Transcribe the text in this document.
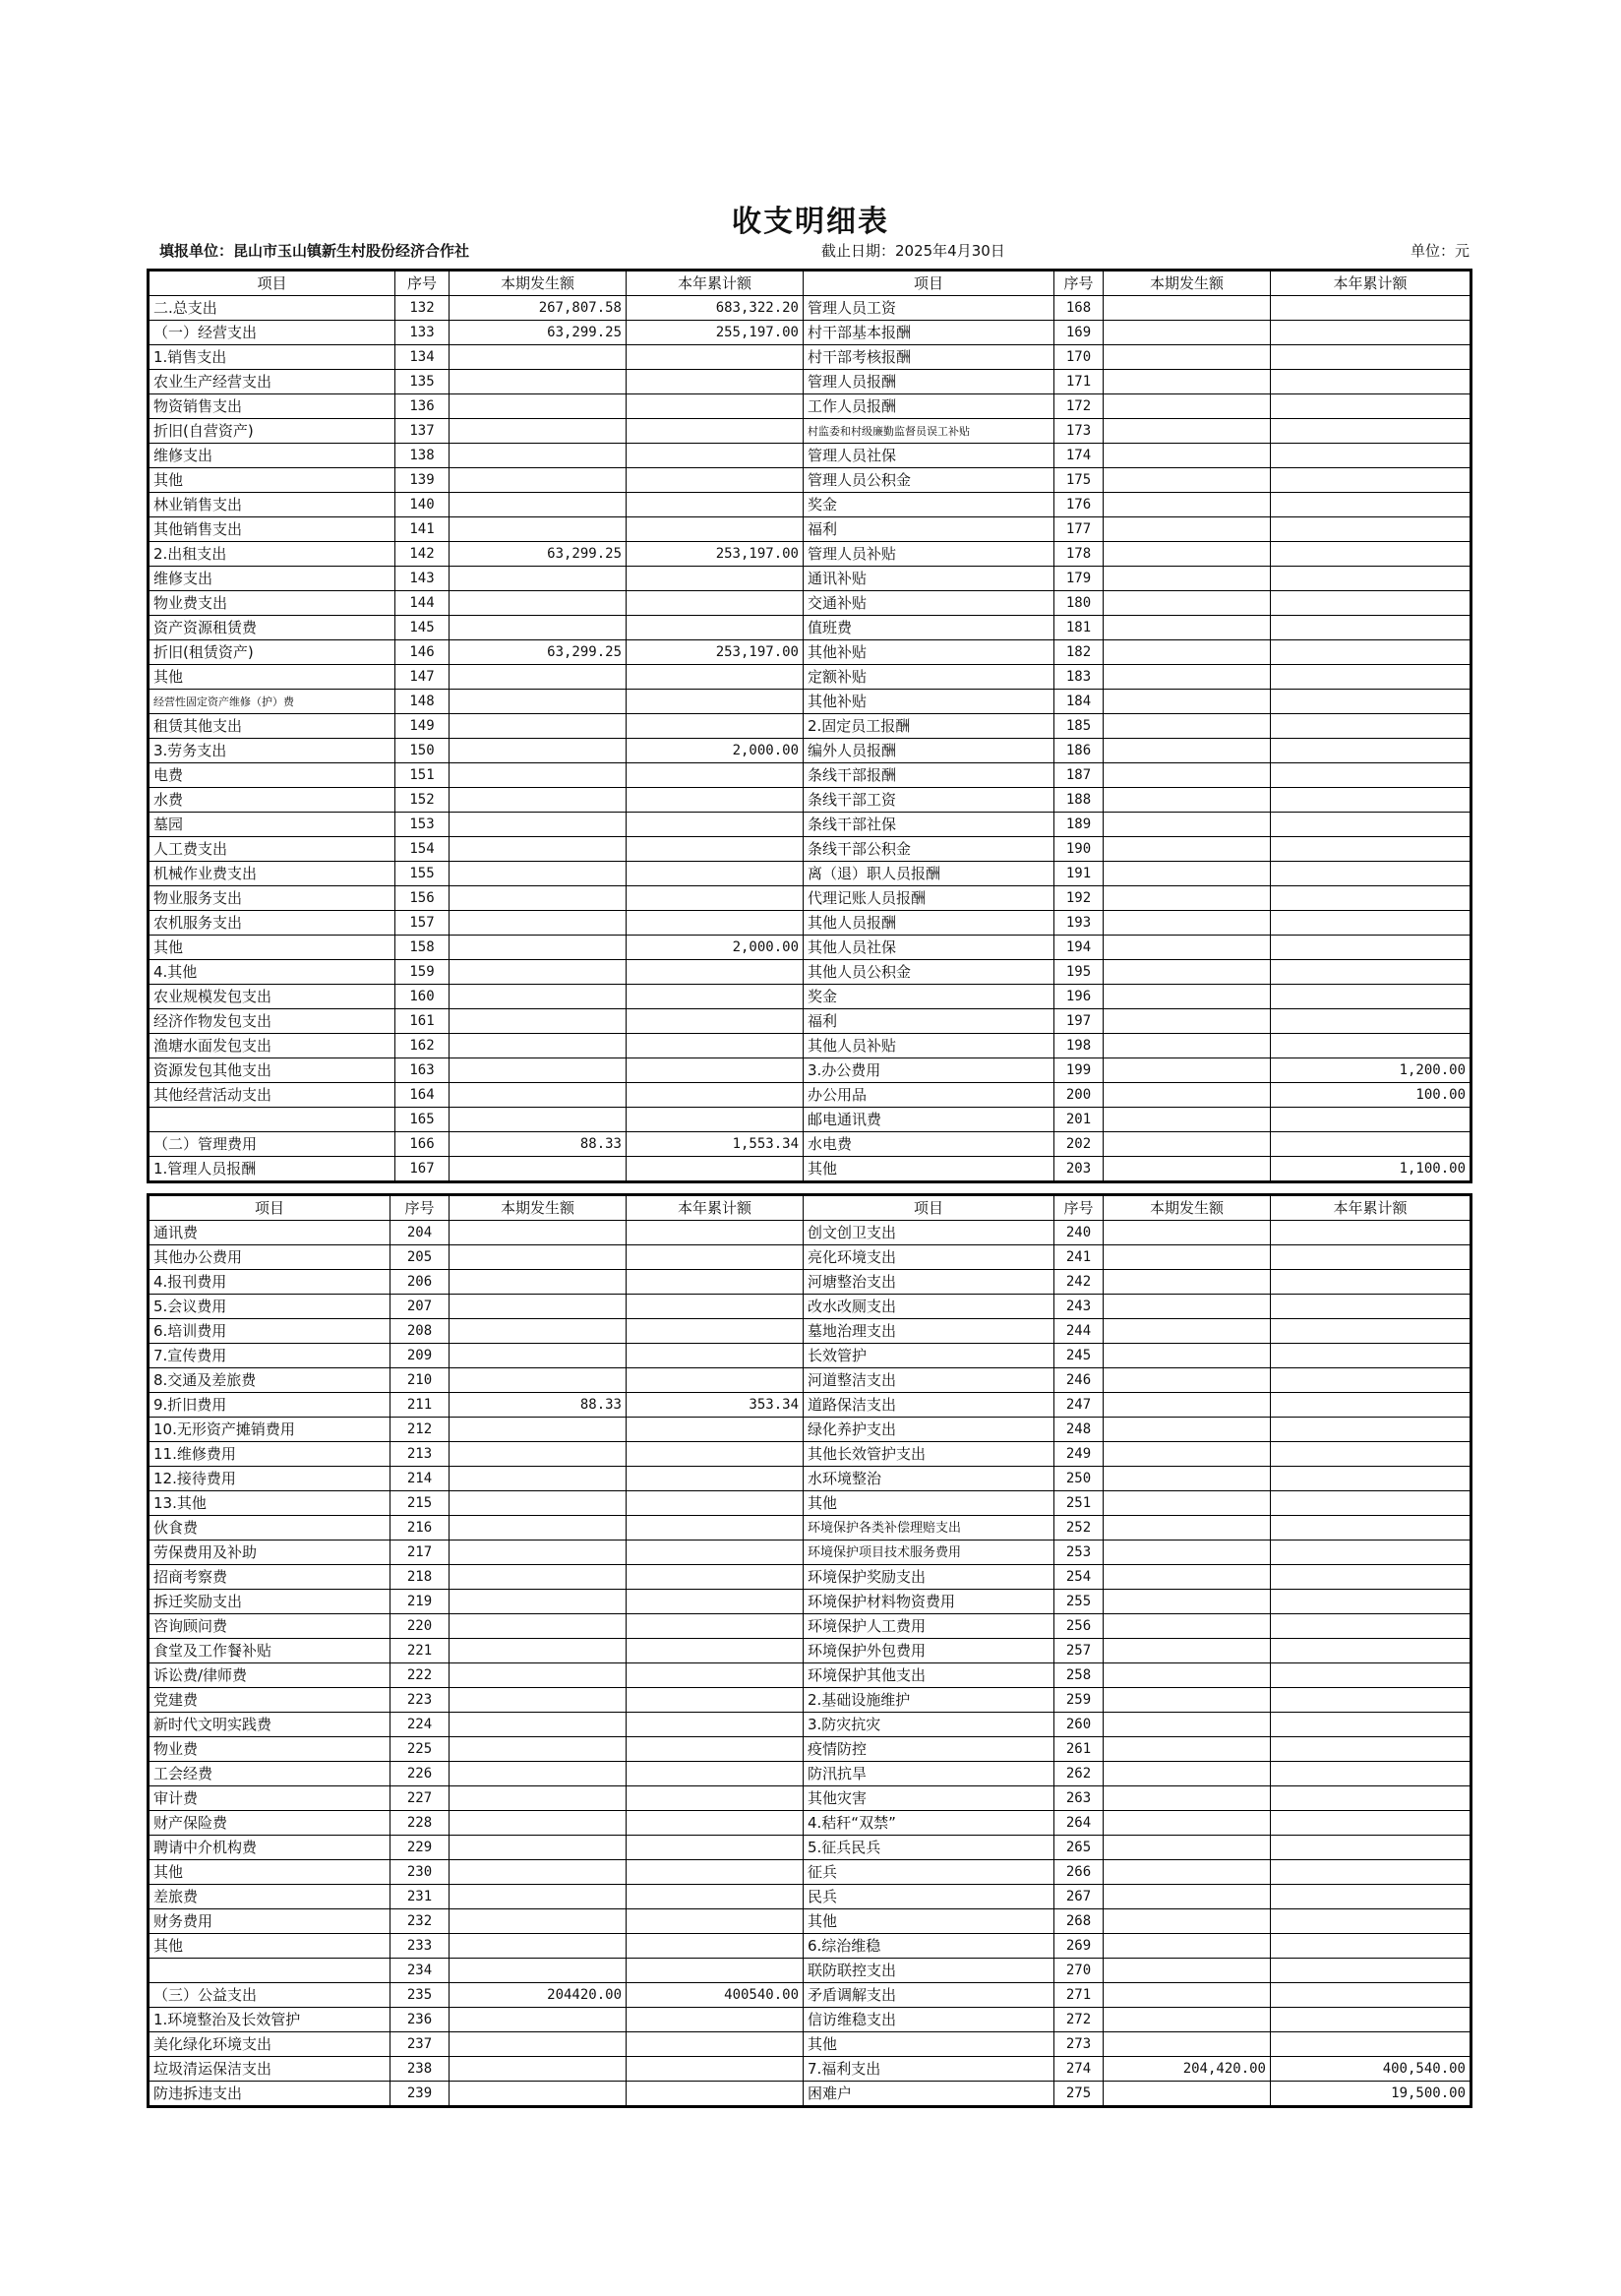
收支明细表
填报单位：昆山市玉山镇新生村股份经济合作社	截止日期：2025年4月30日	单位：元
项目	序号	本期发生额	本年累计额	项目	序号	本期发生额	本年累计额
二.总支出	132	267,807.58	683,322.20	管理人员工资	168		
（一）经营支出	133	63,299.25	255,197.00	村干部基本报酬	169		
1.销售支出	134			村干部考核报酬	170		
农业生产经营支出	135			管理人员报酬	171		
物资销售支出	136			工作人员报酬	172		
折旧(自营资产)	137			村监委和村级廉勤监督员误工补贴	173		
维修支出	138			管理人员社保	174		
其他	139			管理人员公积金	175		
林业销售支出	140			奖金	176		
其他销售支出	141			福利	177		
2.出租支出	142	63,299.25	253,197.00	管理人员补贴	178		
维修支出	143			通讯补贴	179		
物业费支出	144			交通补贴	180		
资产资源租赁费	145			值班费	181		
折旧(租赁资产)	146	63,299.25	253,197.00	其他补贴	182		
其他	147			定额补贴	183		
经营性固定资产维修（护）费	148			其他补贴	184		
租赁其他支出	149			2.固定员工报酬	185		
3.劳务支出	150		2,000.00	编外人员报酬	186		
电费	151			条线干部报酬	187		
水费	152			条线干部工资	188		
墓园	153			条线干部社保	189		
人工费支出	154			条线干部公积金	190		
机械作业费支出	155			离（退）职人员报酬	191		
物业服务支出	156			代理记账人员报酬	192		
农机服务支出	157			其他人员报酬	193		
其他	158		2,000.00	其他人员社保	194		
4.其他	159			其他人员公积金	195		
农业规模发包支出	160			奖金	196		
经济作物发包支出	161			福利	197		
渔塘水面发包支出	162			其他人员补贴	198		
资源发包其他支出	163			3.办公费用	199		1,200.00
其他经营活动支出	164			办公用品	200		100.00
	165			邮电通讯费	201		
（二）管理费用	166	88.33	1,553.34	水电费	202		
1.管理人员报酬	167			其他	203		1,100.00
项目	序号	本期发生额	本年累计额	项目	序号	本期发生额	本年累计额
通讯费	204			创文创卫支出	240		
其他办公费用	205			亮化环境支出	241		
4.报刊费用	206			河塘整治支出	242		
5.会议费用	207			改水改厕支出	243		
6.培训费用	208			墓地治理支出	244		
7.宣传费用	209			长效管护	245		
8.交通及差旅费	210			河道整洁支出	246		
9.折旧费用	211	88.33	353.34	道路保洁支出	247		
10.无形资产摊销费用	212			绿化养护支出	248		
11.维修费用	213			其他长效管护支出	249		
12.接待费用	214			水环境整治	250		
13.其他	215			其他	251		
伙食费	216			环境保护各类补偿理赔支出	252		
劳保费用及补助	217			环境保护项目技术服务费用	253		
招商考察费	218			环境保护奖励支出	254		
拆迁奖励支出	219			环境保护材料物资费用	255		
咨询顾问费	220			环境保护人工费用	256		
食堂及工作餐补贴	221			环境保护外包费用	257		
诉讼费/律师费	222			环境保护其他支出	258		
党建费	223			2.基础设施维护	259		
新时代文明实践费	224			3.防灾抗灾	260		
物业费	225			疫情防控	261		
工会经费	226			防汛抗旱	262		
审计费	227			其他灾害	263		
财产保险费	228			4.秸秆“双禁”	264		
聘请中介机构费	229			5.征兵民兵	265		
其他	230			征兵	266		
差旅费	231			民兵	267		
财务费用	232			其他	268		
其他	233			6.综治维稳	269		
	234			联防联控支出	270		
（三）公益支出	235	204420.00	400540.00	矛盾调解支出	271		
1.环境整治及长效管护	236			信访维稳支出	272		
美化绿化环境支出	237			其他	273		
垃圾清运保洁支出	238			7.福利支出	274	204,420.00	400,540.00
防违拆违支出	239			困难户	275		19,500.00
